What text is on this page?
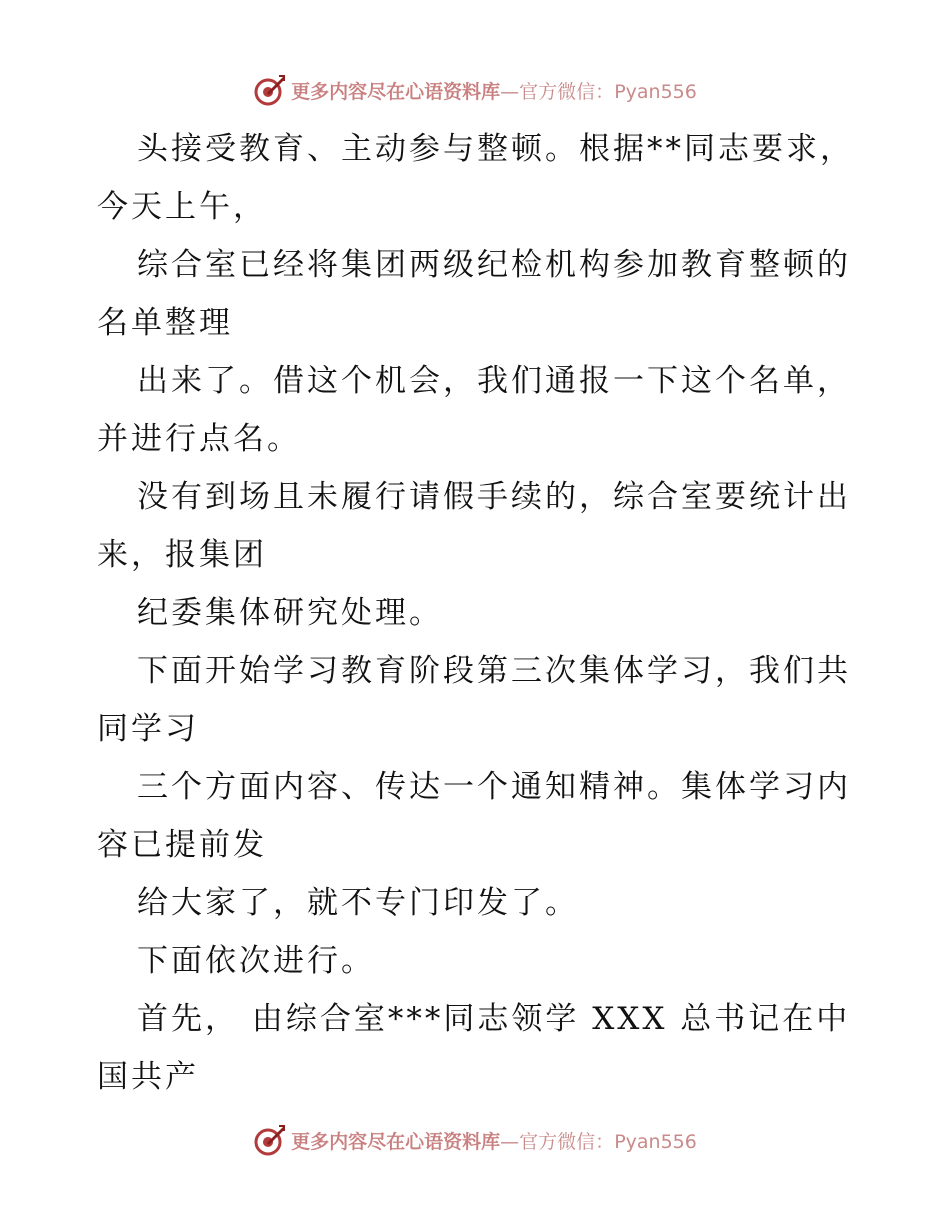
更多内容尽在心语资料库—官方微信：Pyan556
头接受教育、主动参与整顿。根据**同志要求，
今天上午，
综合室已经将集团两级纪检机构参加教育整顿的
名单整理
出来了。借这个机会，我们通报一下这个名单，
并进行点名。
没有到场且未履行请假手续的，综合室要统计出
来，报集团
纪委集体研究处理。
下面开始学习教育阶段第三次集体学习，我们共
同学习
三个方面内容、传达一个通知精神。集体学习内
容已提前发
给大家了，就不专门印发了。
下面依次进行。
首先， 由综合室***同志领学 XXX 总书记在中
国共产
更多内容尽在心语资料库—官方微信：Pyan556
